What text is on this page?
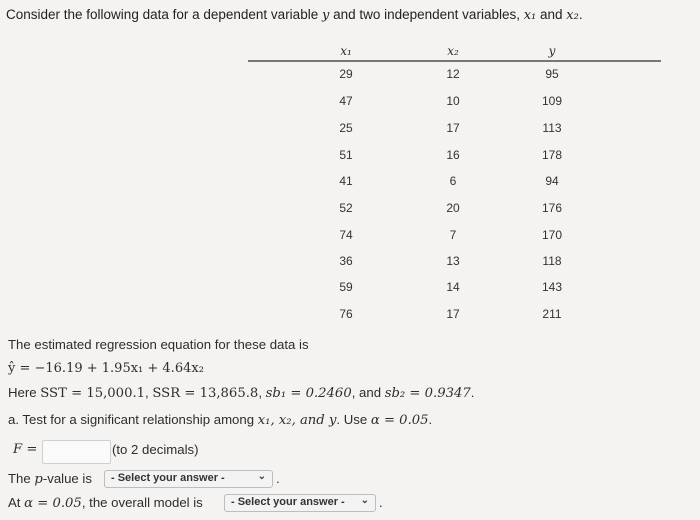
Consider the following data for a dependent variable y and two independent variables, x₁ and x₂.
x₁	x₂	y
29	12	95
47	10	109
25	17	113
51	16	178
41	6	94
52	20	176
74	7	170
36	13	118
59	14	143
76	17	211
The estimated regression equation for these data is
ŷ = −16.19 + 1.95x₁ + 4.64x₂
Here SST = 15,000.1, SSR = 13,865.8, sb₁ = 0.2460, and sb₂ = 0.9347.
a. Test for a significant relationship among x₁, x₂, and y. Use α = 0.05.
F =	(to 2 decimals)
The p-value is	- Select your answer -	⌄ .
At α = 0.05, the overall model is	- Select your answer - ⌄ .
